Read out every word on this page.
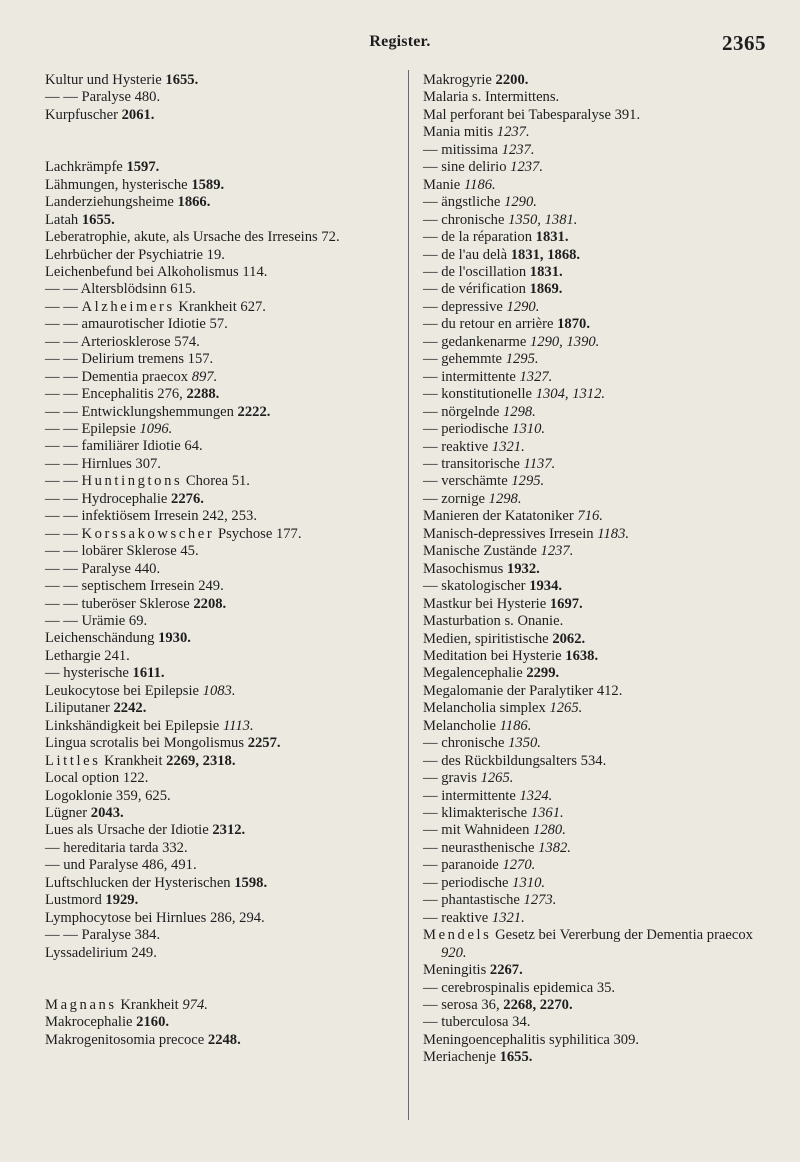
Register.	2365
Kultur und Hysterie 1655.
— — Paralyse 480.
Kurpfuscher 2061.
Lachkrämpfe 1597.
Lähmungen, hysterische 1589.
Landerziehungsheime 1866.
Latah 1655.
Leberatrophie, akute, als Ursache des Irreseins 72.
Lehrbücher der Psychiatrie 19.
Leichenbefund bei Alkoholismus 114.
— — Altersblödsinn 615.
— — Alzheimers Krankheit 627.
— — amaurotischer Idiotie 57.
— — Arteriosklerose 574.
— — Delirium tremens 157.
— — Dementia praecox 897.
— — Encephalitis 276, 2288.
— — Entwicklungshemmungen 2222.
— — Epilepsie 1096.
— — familiärer Idiotie 64.
— — Hirnlues 307.
— — Huntingtons Chorea 51.
— — Hydrocephalie 2276.
— — infektiösem Irresein 242, 253.
— — Korssakowscher Psychose 177.
— — lobärer Sklerose 45.
— — Paralyse 440.
— — septischem Irresein 249.
— — tuberöser Sklerose 2208.
— — Urämie 69.
Leichenschändung 1930.
Lethargie 241.
— hysterische 1611.
Leukocytose bei Epilepsie 1083.
Liliputaner 2242.
Linkshändigkeit bei Epilepsie 1113.
Lingua scrotalis bei Mongolismus 2257.
Littles Krankheit 2269, 2318.
Local option 122.
Logoklonie 359, 625.
Lügner 2043.
Lues als Ursache der Idiotie 2312.
— hereditaria tarda 332.
— und Paralyse 486, 491.
Luftschlucken der Hysterischen 1598.
Lustmord 1929.
Lymphocytose bei Hirnlues 286, 294.
— — Paralyse 384.
Lyssadelirium 249.
Magnans Krankheit 974.
Makrocephalie 2160.
Makrogenitosomia precoce 2248.
Makrogyrie 2200.
Malaria s. Intermittens.
Mal perforant bei Tabesparalyse 391.
Mania mitis 1237.
— mitissima 1237.
— sine delirio 1237.
Manie 1186.
— ängstliche 1290.
— chronische 1350, 1381.
— de la réparation 1831.
— de l'au delà 1831, 1868.
— de l'oscillation 1831.
— de vérification 1869.
— depressive 1290.
— du retour en arrière 1870.
— gedankenarme 1290, 1390.
— gehemmte 1295.
— intermittente 1327.
— konstitutionelle 1304, 1312.
— nörgelnde 1298.
— periodische 1310.
— reaktive 1321.
— transitorische 1137.
— verschämte 1295.
— zornige 1298.
Manieren der Katatoniker 716.
Manisch-depressives Irresein 1183.
Manische Zustände 1237.
Masochismus 1932.
— skatologischer 1934.
Mastkur bei Hysterie 1697.
Masturbation s. Onanie.
Medien, spiritistische 2062.
Meditation bei Hysterie 1638.
Megalencephalie 2299.
Megalomanie der Paralytiker 412.
Melancholia simplex 1265.
Melancholie 1186.
— chronische 1350.
— des Rückbildungsalters 534.
— gravis 1265.
— intermittente 1324.
— klimakterische 1361.
— mit Wahnideen 1280.
— neurasthenische 1382.
— paranoide 1270.
— periodische 1310.
— phantastische 1273.
— reaktive 1321.
Mendels Gesetz bei Vererbung der Dementia praecox 920.
Meningitis 2267.
— cerebrospinalis epidemica 35.
— serosa 36, 2268, 2270.
— tuberculosa 34.
Meningoencephalitis syphilitica 309.
Meriachenje 1655.
